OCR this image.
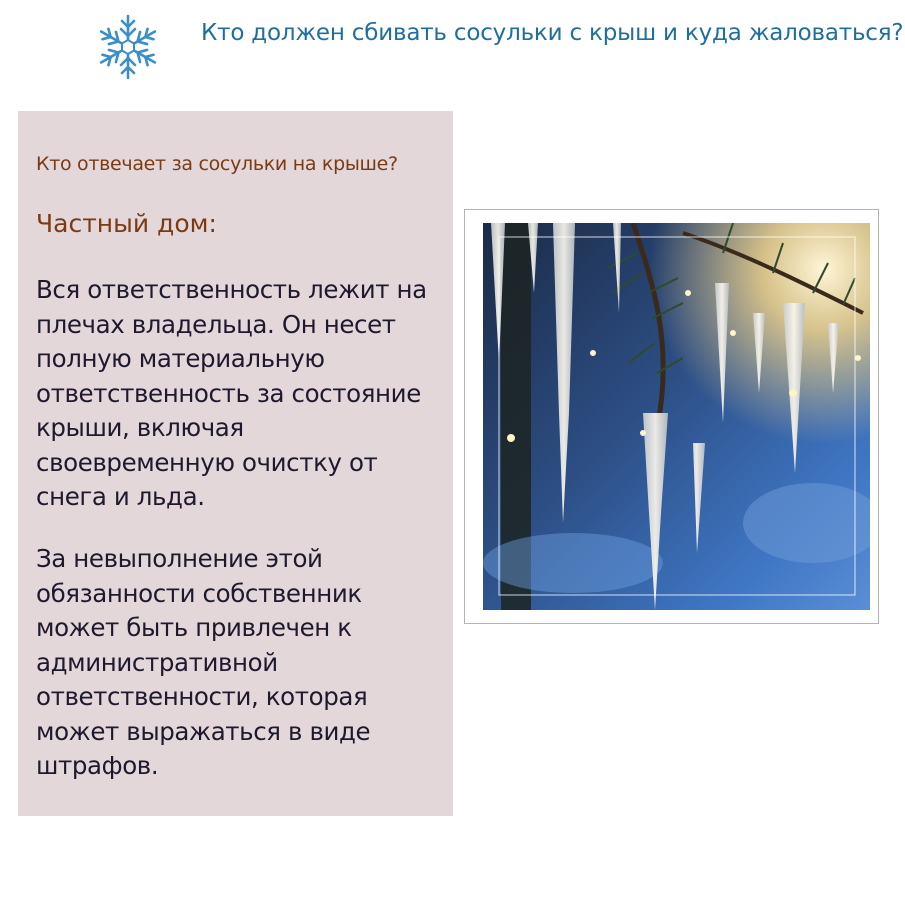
Кто должен сбивать сосульки с крыш и куда жаловаться?
Кто отвечает за сосульки на крыше?
Частный дом:
Вся ответственность лежит на плечах владельца. Он несет полную материальную ответственность за состояние крыши, включая своевременную очистку от снега и льда.
За невыполнение этой обязанности собственник может быть привлечен к административной ответственности, которая может выражаться в виде штрафов.
